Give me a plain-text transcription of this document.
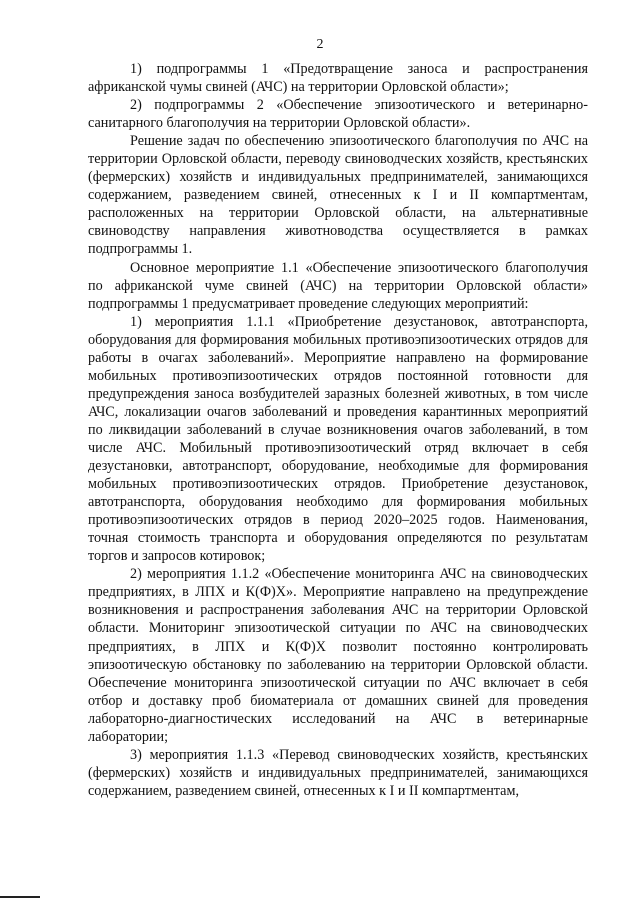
2

1) подпрограммы 1 «Предотвращение заноса и распространения африканской чумы свиней (АЧС) на территории Орловской области»;

2) подпрограммы 2 «Обеспечение эпизоотического и ветеринарно-санитарного благополучия на территории Орловской области».

Решение задач по обеспечению эпизоотического благополучия по АЧС на территории Орловской области, переводу свиноводческих хозяйств, крестьянских (фермерских) хозяйств и индивидуальных предпринимателей, занимающихся содержанием, разведением свиней, отнесенных к I и II компартментам, расположенных на территории Орловской области, на альтернативные свиноводству направления животноводства осуществляется в рамках подпрограммы 1.

Основное мероприятие 1.1 «Обеспечение эпизоотического благополучия по африканской чуме свиней (АЧС) на территории Орловской области» подпрограммы 1 предусматривает проведение следующих мероприятий:

1) мероприятия 1.1.1 «Приобретение дезустановок, автотранспорта, оборудования для формирования мобильных противоэпизоотических отрядов для работы в очагах заболеваний». Мероприятие направлено на формирование мобильных противоэпизоотических отрядов постоянной готовности для предупреждения заноса возбудителей заразных болезней животных, в том числе АЧС, локализации очагов заболеваний и проведения карантинных мероприятий по ликвидации заболеваний в случае возникновения очагов заболеваний, в том числе АЧС. Мобильный противоэпизоотический отряд включает в себя дезустановки, автотранспорт, оборудование, необходимые для формирования мобильных противоэпизоотических отрядов. Приобретение дезустановок, автотранспорта, оборудования необходимо для формирования мобильных противоэпизоотических отрядов в период 2020–2025 годов. Наименования, точная стоимость транспорта и оборудования определяются по результатам торгов и запросов котировок;

2) мероприятия 1.1.2 «Обеспечение мониторинга АЧС на свиноводческих предприятиях, в ЛПХ и К(Ф)Х». Мероприятие направлено на предупреждение возникновения и распространения заболевания АЧС на территории Орловской области. Мониторинг эпизоотической ситуации по АЧС на свиноводческих предприятиях, в ЛПХ и К(Ф)Х позволит постоянно контролировать эпизоотическую обстановку по заболеванию на территории Орловской области. Обеспечение мониторинга эпизоотической ситуации по АЧС включает в себя отбор и доставку проб биоматериала от домашних свиней для проведения лабораторно-диагностических исследований на АЧС в ветеринарные лаборатории;

3) мероприятия 1.1.3 «Перевод свиноводческих хозяйств, крестьянских (фермерских) хозяйств и индивидуальных предпринимателей, занимающихся содержанием, разведением свиней, отнесенных к I и II компартментам,
